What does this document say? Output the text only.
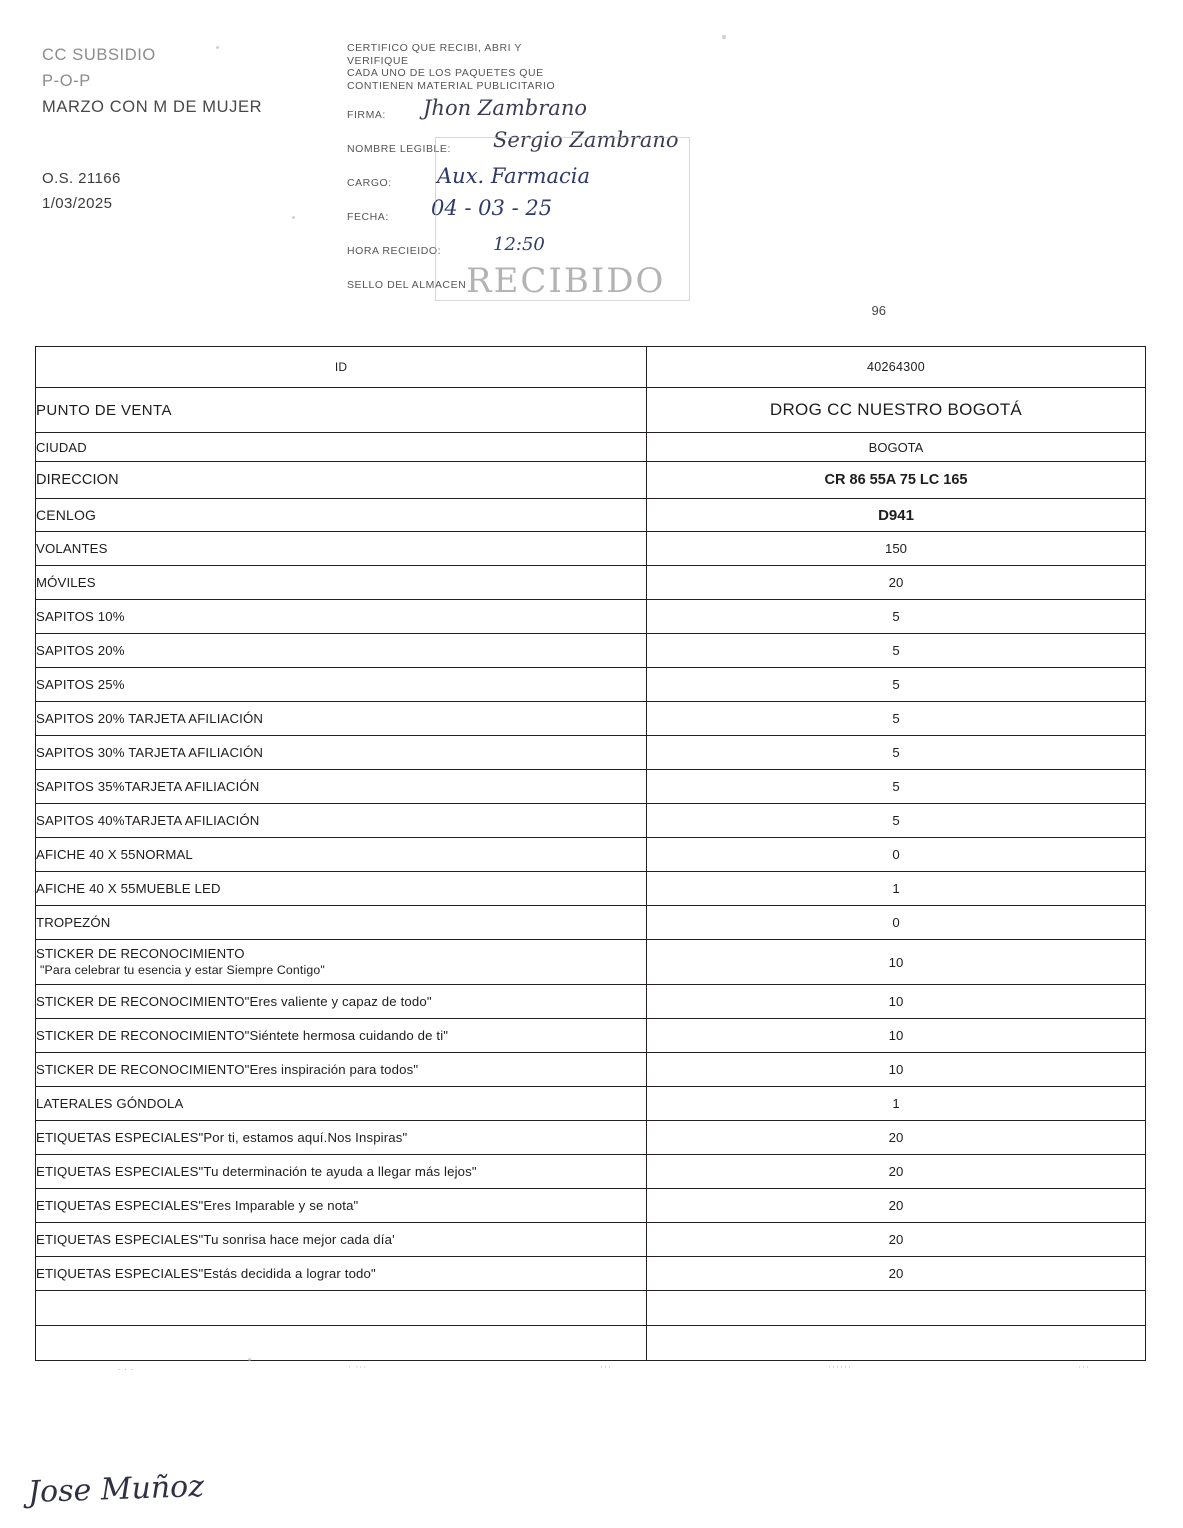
CC SUBSIDIO
P-O-P
MARZO CON M DE MUJER
O.S. 21166
1/03/2025
CERTIFICO QUE RECIBI, ABRI Y
VERIFIQUE
CADA UNO DE LOS PAQUETES QUE
CONTIENEN MATERIAL PUBLICITARIO
FIRMA: Jhon Zambrano
NOMBRE LEGIBLE: Sergio Zambrano
CARGO: Aux. Farmacia
FECHA: 04 - 03 - 25
HORA RECIEIDO:	12:50
SELLO DEL ALMACEN RECIBIDO
96
ID	40264300
PUNTO DE VENTA	DROG CC NUESTRO BOGOTÁ
CIUDAD	BOGOTA
DIRECCION	CR 86 55A 75 LC 165
CENLOG	D941
VOLANTES	150
MÓVILES	20
SAPITOS 10%	5
SAPITOS 20%	5
SAPITOS 25%	5
SAPITOS 20% TARJETA AFILIACIÓN	5
SAPITOS 30% TARJETA AFILIACIÓN	5
SAPITOS 35%TARJETA AFILIACIÓN	5
SAPITOS 40%TARJETA AFILIACIÓN	5
AFICHE 40 X 55NORMAL	0
AFICHE 40 X 55MUEBLE LED	1
TROPEZÓN	0

STICKER DE RECONOCIMIENTO
"Para celebrar tu esencia y estar Siempre Contigo"	10
STICKER DE RECONOCIMIENTO"Eres valiente y capaz de todo"	10
STICKER DE RECONOCIMIENTO"Siéntete hermosa cuidando de ti"	10
STICKER DE RECONOCIMIENTO"Eres inspiración para todos"	10
LATERALES GÓNDOLA	1
ETIQUETAS ESPECIALES"Por ti, estamos aquí.Nos Inspiras"	20
ETIQUETAS ESPECIALES"Tu determinación te ayuda a llegar más lejos"	20
ETIQUETAS ESPECIALES"Eres Imparable y se nota"	20
ETIQUETAS ESPECIALES"Tu sonrisa hace mejor cada día'	20
ETIQUETAS ESPECIALES"Estás decidida a lograr todo"	20

. . .	· ···	···	······	···
Jose Muñoz
